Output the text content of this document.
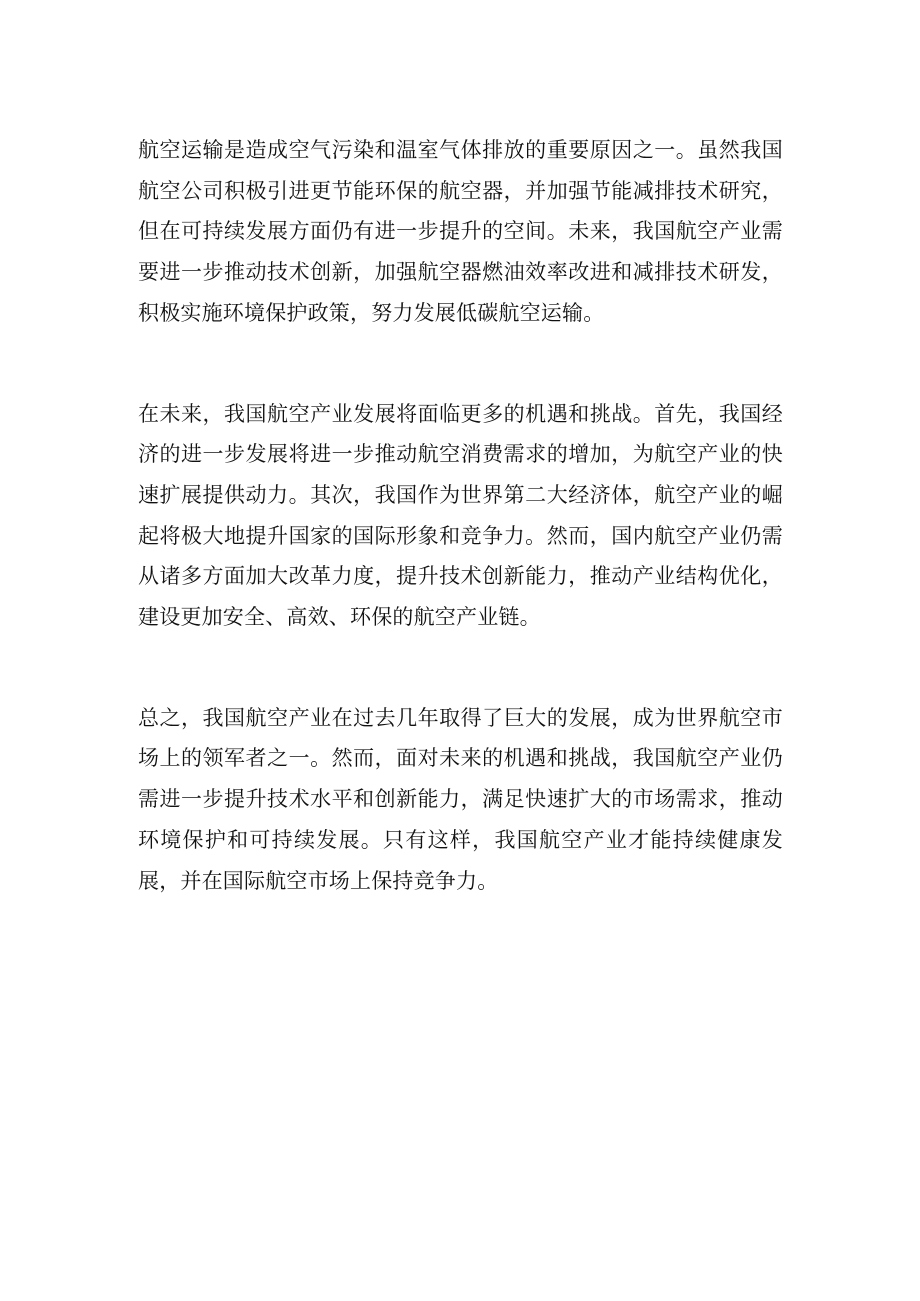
航空运输是造成空气污染和温室气体排放的重要原因之一。虽然我国航空公司积极引进更节能环保的航空器，并加强节能减排技术研究，但在可持续发展方面仍有进一步提升的空间。未来，我国航空产业需要进一步推动技术创新，加强航空器燃油效率改进和减排技术研发，积极实施环境保护政策，努力发展低碳航空运输。

在未来，我国航空产业发展将面临更多的机遇和挑战。首先，我国经济的进一步发展将进一步推动航空消费需求的增加，为航空产业的快速扩展提供动力。其次，我国作为世界第二大经济体，航空产业的崛起将极大地提升国家的国际形象和竞争力。然而，国内航空产业仍需从诸多方面加大改革力度，提升技术创新能力，推动产业结构优化，建设更加安全、高效、环保的航空产业链。

总之，我国航空产业在过去几年取得了巨大的发展，成为世界航空市场上的领军者之一。然而，面对未来的机遇和挑战，我国航空产业仍需进一步提升技术水平和创新能力，满足快速扩大的市场需求，推动环境保护和可持续发展。只有这样，我国航空产业才能持续健康发展，并在国际航空市场上保持竞争力。
